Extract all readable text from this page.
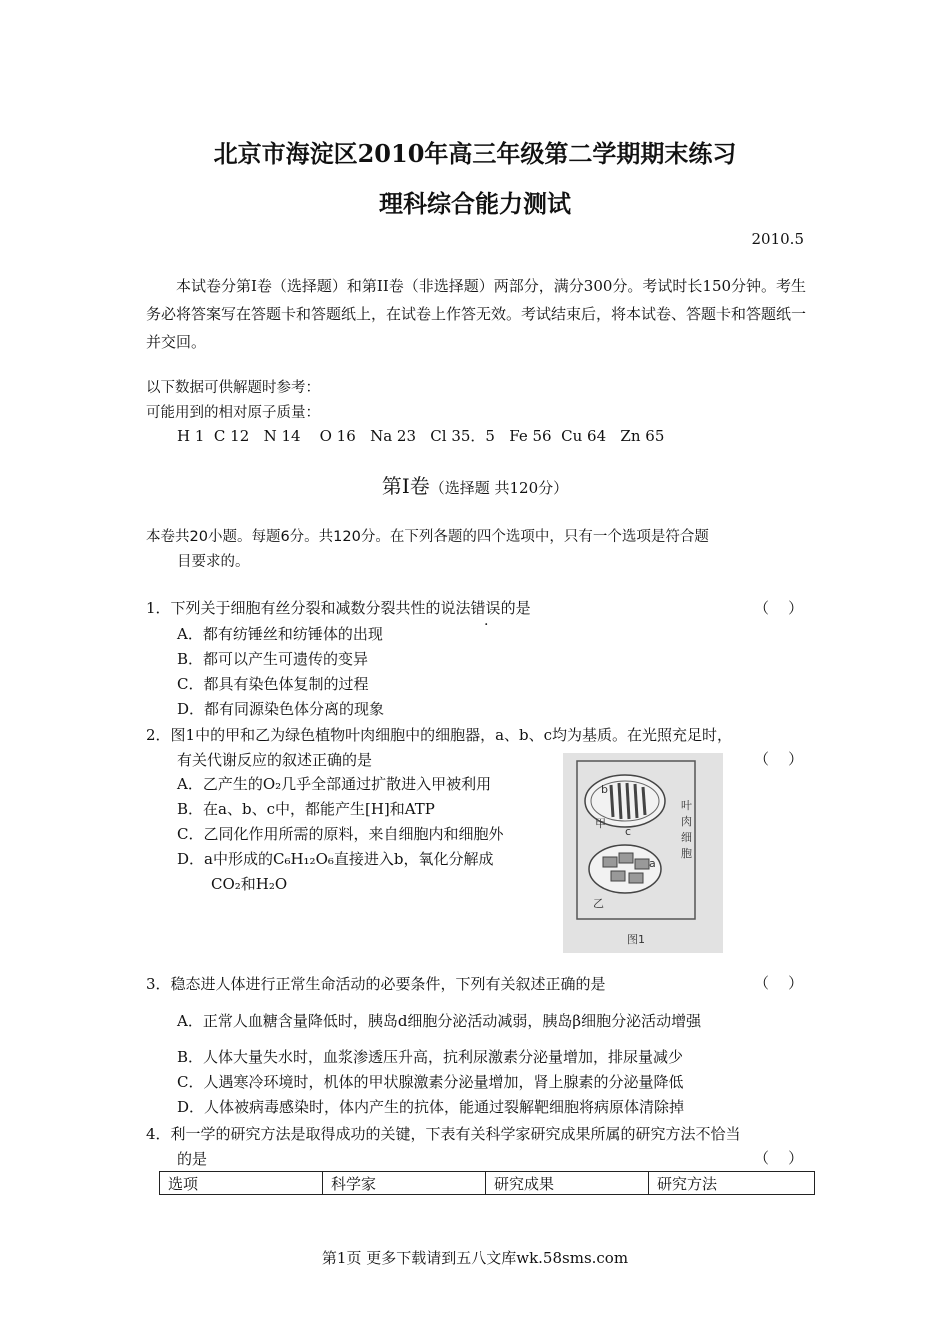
北京市海淀区2010年高三年级第二学期期末练习
理科综合能力测试
2010.5
本试卷分第I卷（选择题）和第II卷（非选择题）两部分，满分300分。考试时长150分钟。考生务必将答案写在答题卡和答题纸上，在试卷上作答无效。考试结束后，将本试卷、答题卡和答题纸一并交回。
以下数据可供解题时参考：
可能用到的相对原子质量：
H 1  C 12   N 14    O 16   Na 23   Cl 35．5   Fe 56  Cu 64   Zn 65
第I卷（选择题 共120分）
本卷共20小题。每题6分。共120分。在下列各题的四个选项中，只有一个选项是符合题
目要求的。
1．下列关于细胞有丝分裂和减数分裂共性的说法错误的是	（    ）
A．都有纺锤丝和纺锤体的出现
B．都可以产生可遗传的变异
C．都具有染色体复制的过程
D．都有同源染色体分离的现象
2．图1中的甲和乙为绿色植物叶肉细胞中的细胞器，a、b、c均为基质。在光照充足时，
有关代谢反应的叙述正确的是	（    ）
A．乙产生的O₂几乎全部通过扩散进入甲被利用
B．在a、b、c中，都能产生[H]和ATP
C．乙同化作用所需的原料，来自细胞内和细胞外
D．a中形成的C₆H₁₂O₆直接进入b，氧化分解成
CO₂和H₂O
b
甲
c
a
乙
叶
肉
细
胞
图1
3．稳态进人体进行正常生命活动的必要条件，下列有关叙述正确的是	（    ）
A．正常人血糖含量降低时，胰岛d细胞分泌活动减弱，胰岛β细胞分泌活动增强
B．人体大量失水时，血浆渗透压升高，抗利尿激素分泌量增加，排尿量减少
C．人遇寒冷环境时，机体的甲状腺激素分泌量增加，肾上腺素的分泌量降低
D．人体被病毒感染时，体内产生的抗体，能通过裂解靶细胞将病原体清除掉
4．利一学的研究方法是取得成功的关键，下表有关科学家研究成果所属的研究方法不恰当
的是	（    ）
选项	科学家	研究成果	研究方法
第1页 更多下载请到五八文库wk.58sms.com
